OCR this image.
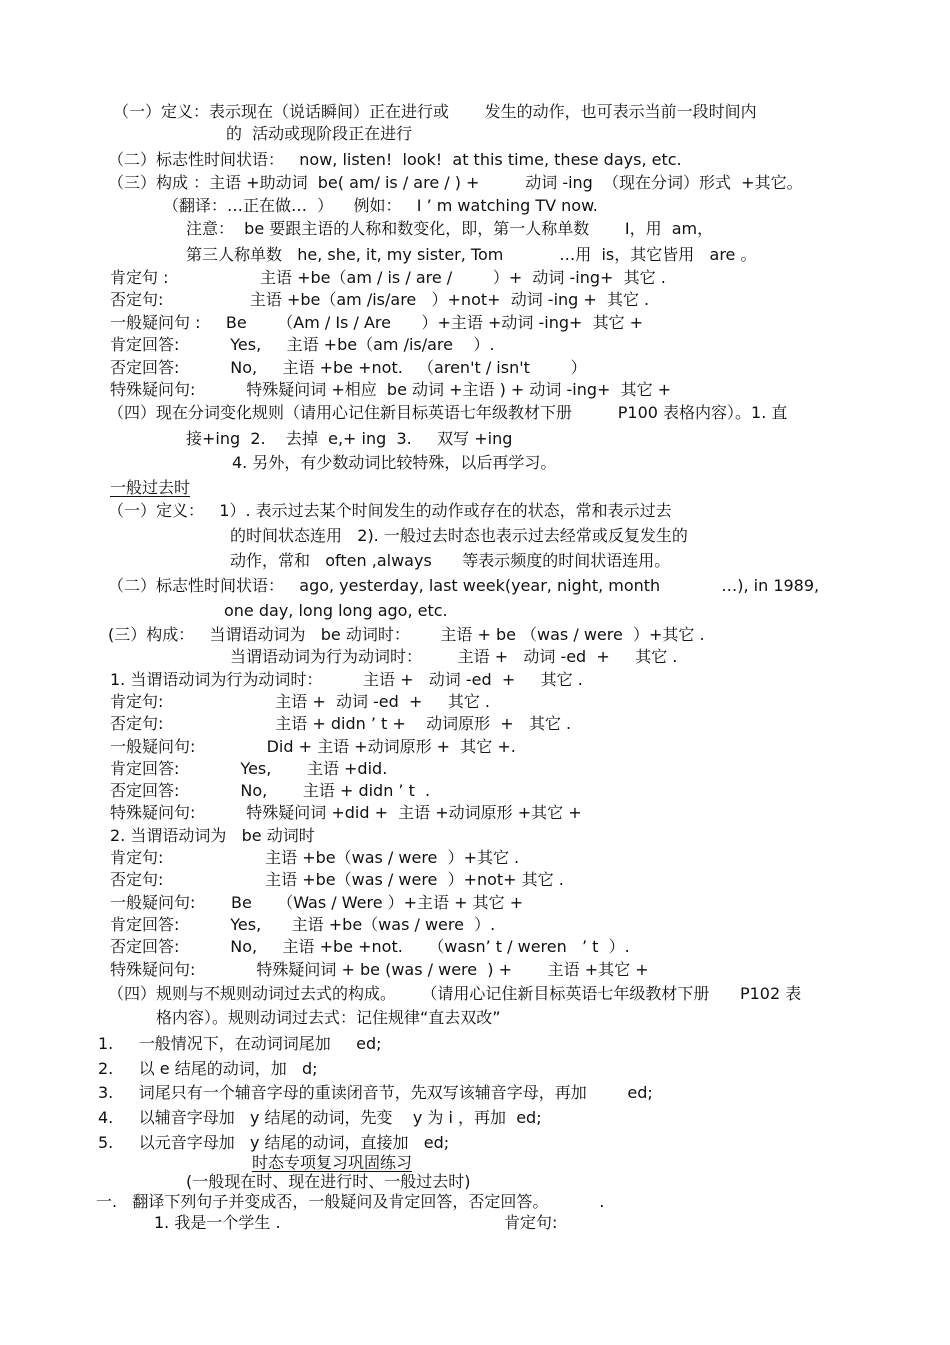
（一）定义：表示现在（说话瞬间）正在进行或       发生的动作，也可表示当前一段时间内
的  活动或现阶段正在进行
（二）标志性时间状语：   now, listen!  look!  at this time, these days, etc.
（三）构成 ：主语 +助动词  be( am/ is / are / ) +         动词 -ing  （现在分词）形式  +其它。
（翻译：…正在做…  ）    例如：   I ’ m watching TV now.
注意：  be 要跟主语的人称和数变化，即，第一人称单数       I，用  am，
第三人称单数   he, she, it, my sister, Tom           …用  is，其它皆用   are 。
肯定句 :                  主语 +be（am / is / are /        ）+  动词 -ing+  其它 .
否定句:                 主语 +be（am /is/are   ）+not+  动词 -ing +  其它 .
一般疑问句 :     Be      （Am / Is / Are      ）+主语 +动词 -ing+  其它 +
肯定回答:          Yes,     主语 +be（am /is/are    ）.
否定回答:          No,     主语 +be +not.   （aren't / isn't        ）
特殊疑问句:          特殊疑问词 +相应  be 动词 +主语 ) + 动词 -ing+  其它 +
（四）现在分词变化规则（请用心记住新目标英语七年级教材下册         P100 表格内容）。1. 直
接+ing  2.    去掉  e,+ ing  3.     双写 +ing
4. 另外，有少数动词比较特殊，以后再学习。
一般过去时
（一）定义：   1）. 表示过去某个时间发生的动作或存在的状态，常和表示过去
的时间状态连用   2). 一般过去时态也表示过去经常或反复发生的
动作，常和   often ,always      等表示频度的时间状语连用。
（二）标志性时间状语：   ago, yesterday, last week(year, night, month            …), in 1989,
one day, long long ago, etc.
(三）构成：   当谓语动词为   be 动词时：      主语 + be （was / were  ）+其它 .
当谓语动词为行为动词时：       主语 +   动词 -ed  +     其它 .
1. 当谓语动词为行为动词时：        主语 +   动词 -ed  +     其它 .
肯定句:                      主语 +  动词 -ed  +     其它 .
否定句:                      主语 + didn ’ t +    动词原形  +   其它 .
一般疑问句:              Did + 主语 +动词原形 +  其它 +.
肯定回答:            Yes,       主语 +did.
否定回答:            No,       主语 + didn ’ t  .
特殊疑问句:          特殊疑问词 +did +  主语 +动词原形 +其它 +
2. 当谓语动词为   be 动词时
肯定句:                    主语 +be（was / were  ）+其它 .
否定句:                    主语 +be（was / were  ）+not+ 其它 .
一般疑问句:       Be     （Was / Were ）+主语 + 其它 +
肯定回答:          Yes,      主语 +be（was / were  ）.
否定回答:          No,     主语 +be +not.     （wasn’ t / weren   ’ t  ）.
特殊疑问句:            特殊疑问词 + be (was / were  ) +       主语 +其它 +
（四）规则与不规则动词过去式的构成。     （请用心记住新目标英语七年级教材下册      P102 表
格内容）。规则动词过去式：记住规律“直去双改”
1.     一般情况下，在动词词尾加     ed;
2.     以 e 结尾的动词，加   d;
3.     词尾只有一个辅音字母的重读闭音节，先双写该辅音字母，再加        ed;
4.     以辅音字母加   y 结尾的动词，先变    y 为 i ，再加  ed;
5.     以元音字母加   y 结尾的动词，直接加   ed;
时态专项复习巩固练习
(一般现在时、现在进行时、一般过去时)
一.   翻译下列句子并变成否，一般疑问及肯定回答，否定回答。          .
1. 我是一个学生 .	肯定句:
